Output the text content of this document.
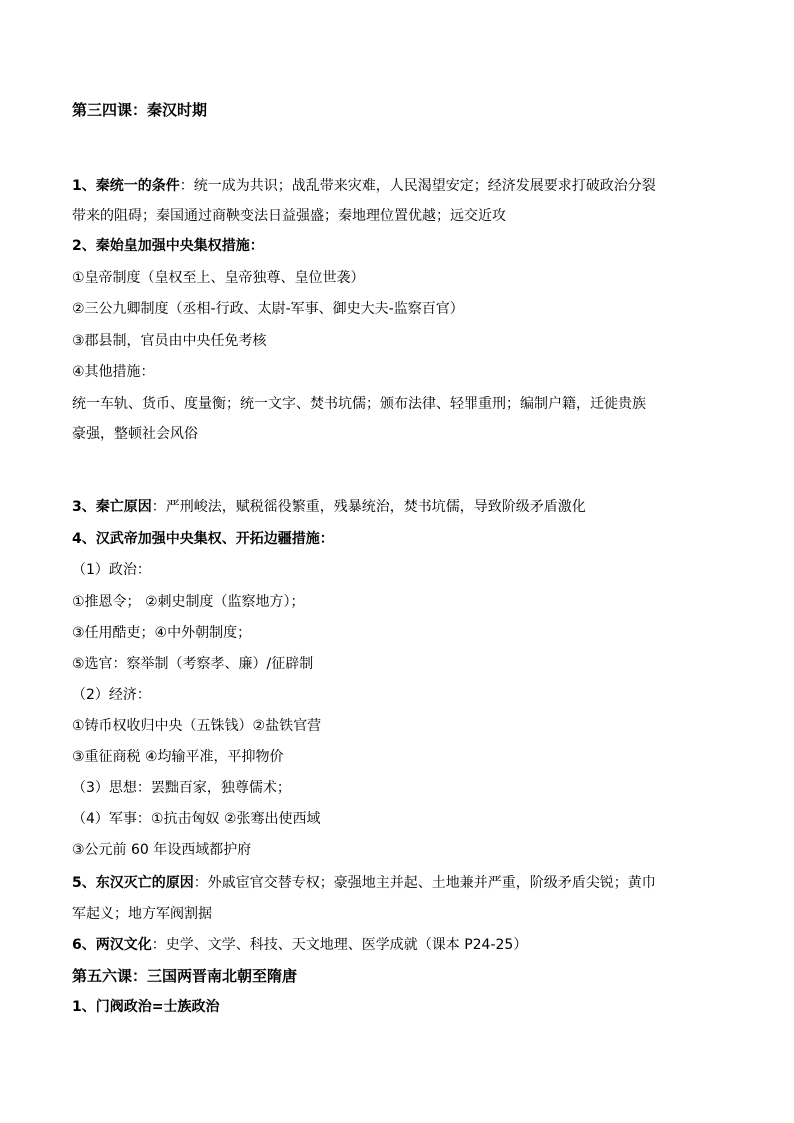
第三四课：秦汉时期
1、秦统一的条件：统一成为共识；战乱带来灾难，人民渴望安定；经济发展要求打破政治分裂
带来的阻碍；秦国通过商鞅变法日益强盛；秦地理位置优越；远交近攻
2、秦始皇加强中央集权措施：
①皇帝制度（皇权至上、皇帝独尊、皇位世袭）
②三公九卿制度（丞相-行政、太尉-军事、御史大夫-监察百官）
③郡县制，官员由中央任免考核
④其他措施：
统一车轨、货币、度量衡；统一文字、焚书坑儒；颁布法律、轻罪重刑；编制户籍，迁徙贵族
豪强，整顿社会风俗
3、秦亡原因：严刑峻法，赋税徭役繁重，残暴统治，焚书坑儒，导致阶级矛盾激化
4、汉武帝加强中央集权、开拓边疆措施：
（1）政治：
①推恩令； ②刺史制度（监察地方）；
③任用酷吏；④中外朝制度；
⑤选官：察举制（考察孝、廉）/征辟制
（2）经济：
①铸币权收归中央（五铢钱）②盐铁官营
③重征商税 ④均输平准，平抑物价
（3）思想：罢黜百家，独尊儒术；
（4）军事：①抗击匈奴 ②张骞出使西域
③公元前 60 年设西域都护府
5、东汉灭亡的原因：外戚宦官交替专权；豪强地主并起、土地兼并严重，阶级矛盾尖锐；黄巾
军起义；地方军阀割据
6、两汉文化：史学、文学、科技、天文地理、医学成就（课本 P24-25）
第五六课：三国两晋南北朝至隋唐
1、门阀政治=士族政治
